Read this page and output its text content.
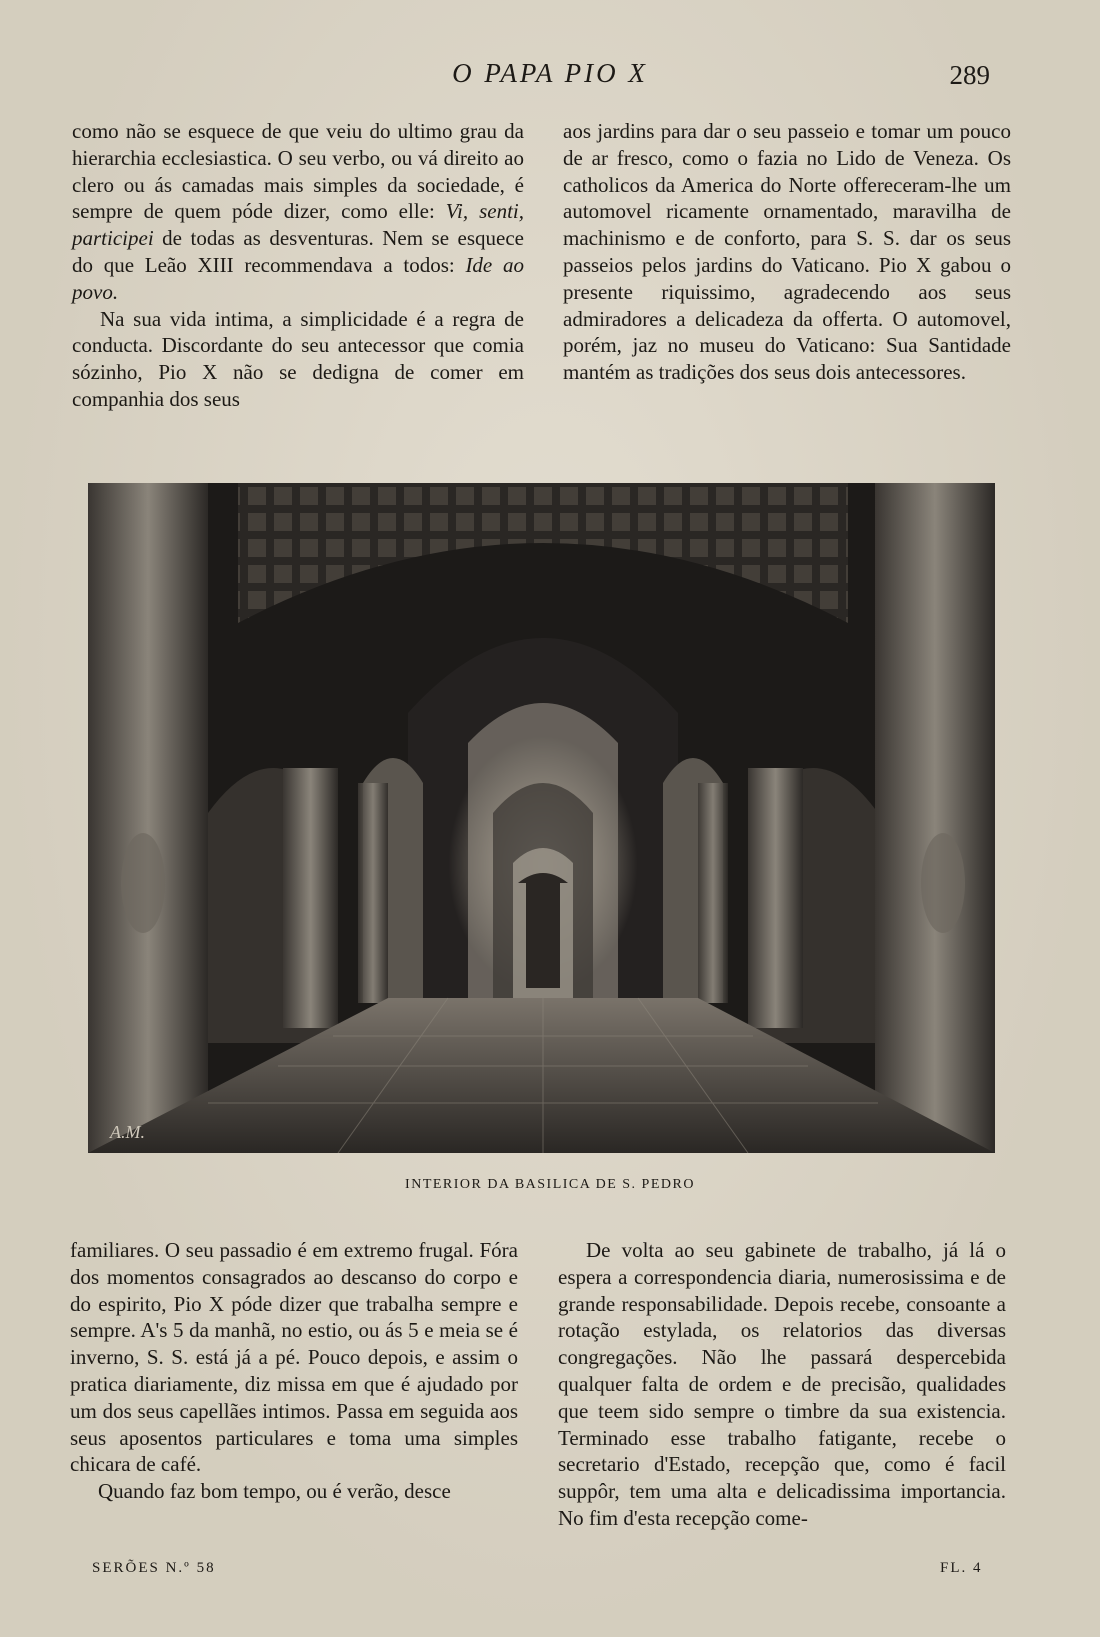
O PAPA PIO X	289

como não se esquece de que veiu do ultimo grau da hierarchia ecclesiastica. O seu verbo, ou vá direito ao clero ou ás camadas mais simples da sociedade, é sempre de quem póde dizer, como elle: Vi, senti, participei de todas as desventuras. Nem se esquece do que Leão XIII recommendava a todos: Ide ao povo.

Na sua vida intima, a simplicidade é a regra de conducta. Discordante do seu antecessor que comia sózinho, Pio X não se dedigna de comer em companhia dos seus

aos jardins para dar o seu passeio e tomar um pouco de ar fresco, como o fazia no Lido de Veneza. Os catholicos da America do Norte offereceram-lhe um automovel ricamente ornamentado, maravilha de machinismo e de conforto, para S. S. dar os seus passeios pelos jardins do Vaticano. Pio X gabou o presente riquissimo, agradecendo aos seus admiradores a delicadeza da offerta. O automovel, porém, jaz no museu do Vaticano: Sua Santidade mantém as tradições dos seus dois antecessores.

A.M.
INTERIOR DA BASILICA DE S. PEDRO

familiares. O seu passadio é em extremo frugal. Fóra dos momentos consagrados ao descanso do corpo e do espirito, Pio X póde dizer que trabalha sempre e sempre. A's 5 da manhã, no estio, ou ás 5 e meia se é inverno, S. S. está já a pé. Pouco depois, e assim o pratica diariamente, diz missa em que é ajudado por um dos seus capellães intimos. Passa em seguida aos seus aposentos particulares e toma uma simples chicara de café.

Quando faz bom tempo, ou é verão, desce

De volta ao seu gabinete de trabalho, já lá o espera a correspondencia diaria, numerosissima e de grande responsabilidade. Depois recebe, consoante a rotação estylada, os relatorios das diversas congregações. Não lhe passará despercebida qualquer falta de ordem e de precisão, qualidades que teem sido sempre o timbre da sua existencia. Terminado esse trabalho fatigante, recebe o secretario d'Estado, recepção que, como é facil suppôr, tem uma alta e delicadissima importancia. No fim d'esta recepção come-

SERÕES N.º 58	FL. 4
